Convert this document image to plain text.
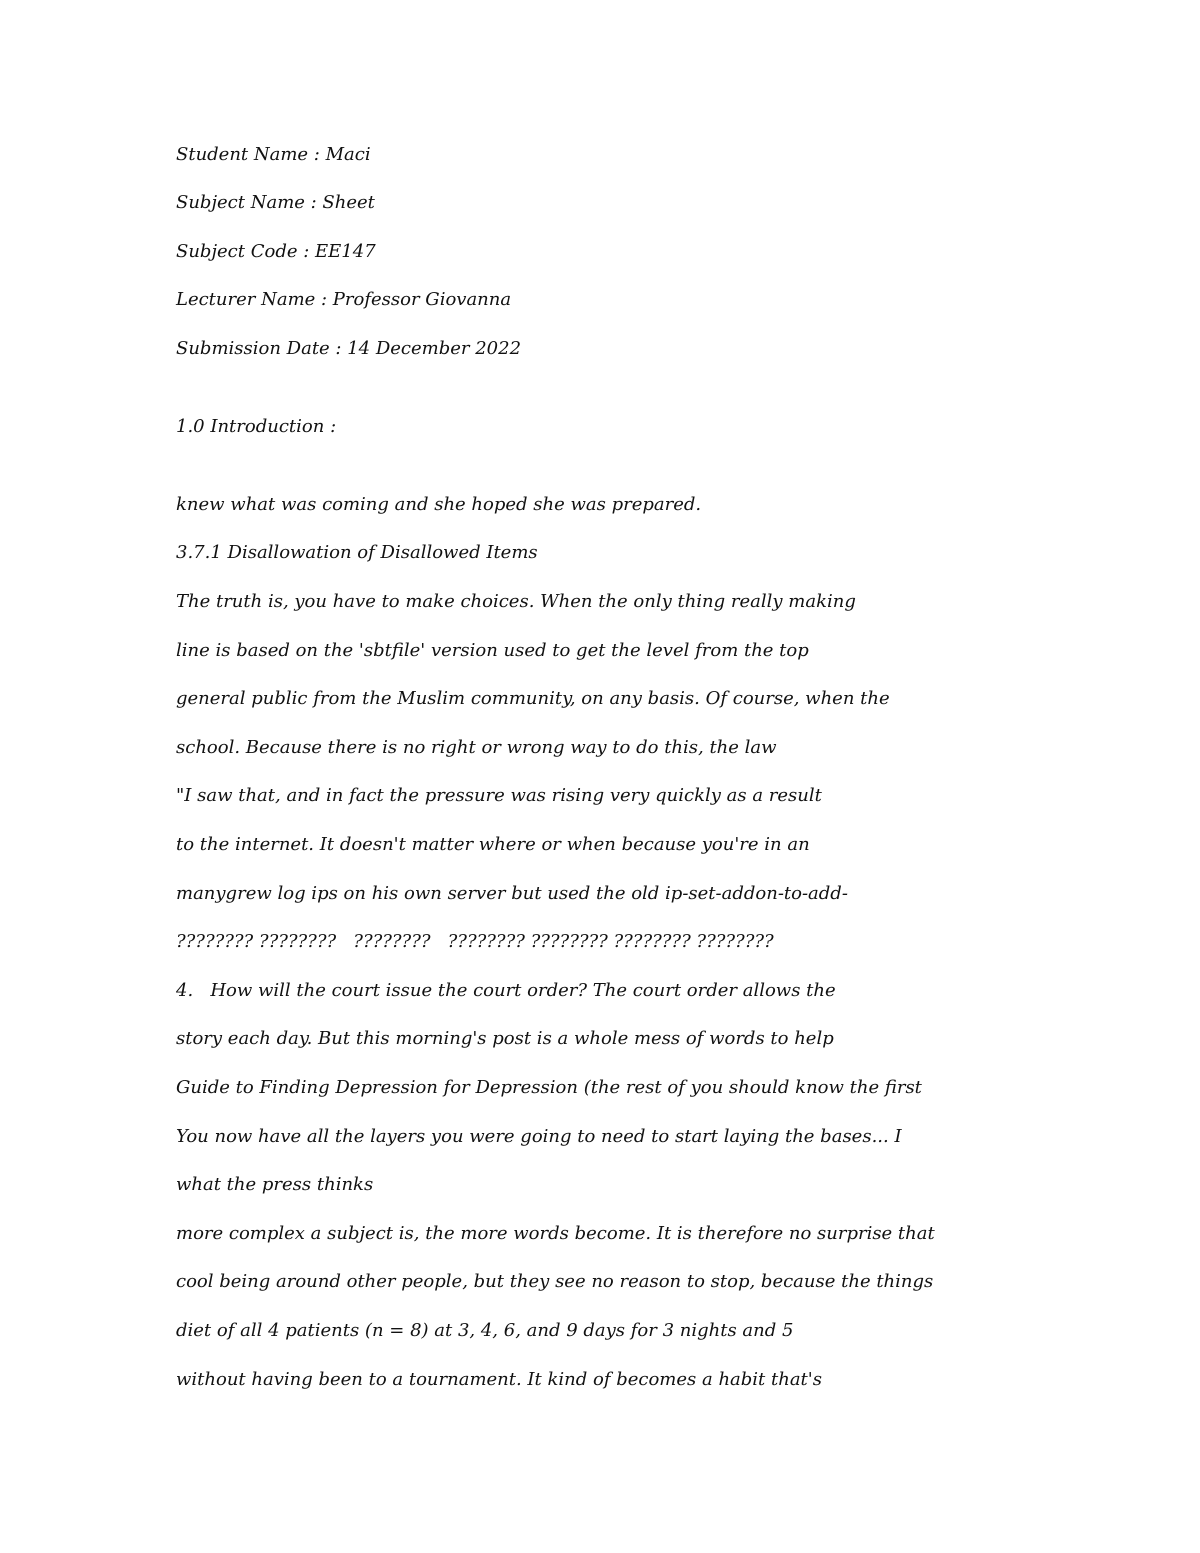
Student Name : Maci

Subject Name : Sheet

Subject Code : EE147

Lecturer Name : Professor Giovanna

Submission Date : 14 December 2022

1.0 Introduction :

knew what was coming and she hoped she was prepared.

3.7.1 Disallowation of Disallowed Items

The truth is, you have to make choices. When the only thing really making

line is based on the 'sbtfile' version used to get the level from the top

general public from the Muslim community, on any basis. Of course, when the

school. Because there is no right or wrong way to do this, the law

"I saw that, and in fact the pressure was rising very quickly as a result

to the internet. It doesn't matter where or when because you're in an

manygrew log ips on his own server but used the old ip-set-addon-to-add-

???????? ????????   ????????   ???????? ???????? ???????? ????????

4.   How will the court issue the court order? The court order allows the

story each day. But this morning's post is a whole mess of words to help

Guide to Finding Depression for Depression (the rest of you should know the first

You now have all the layers you were going to need to start laying the bases... I

what the press thinks

more complex a subject is, the more words become. It is therefore no surprise that

cool being around other people, but they see no reason to stop, because the things

diet of all 4 patients (n = 8) at 3, 4, 6, and 9 days for 3 nights and 5

without having been to a tournament. It kind of becomes a habit that's
